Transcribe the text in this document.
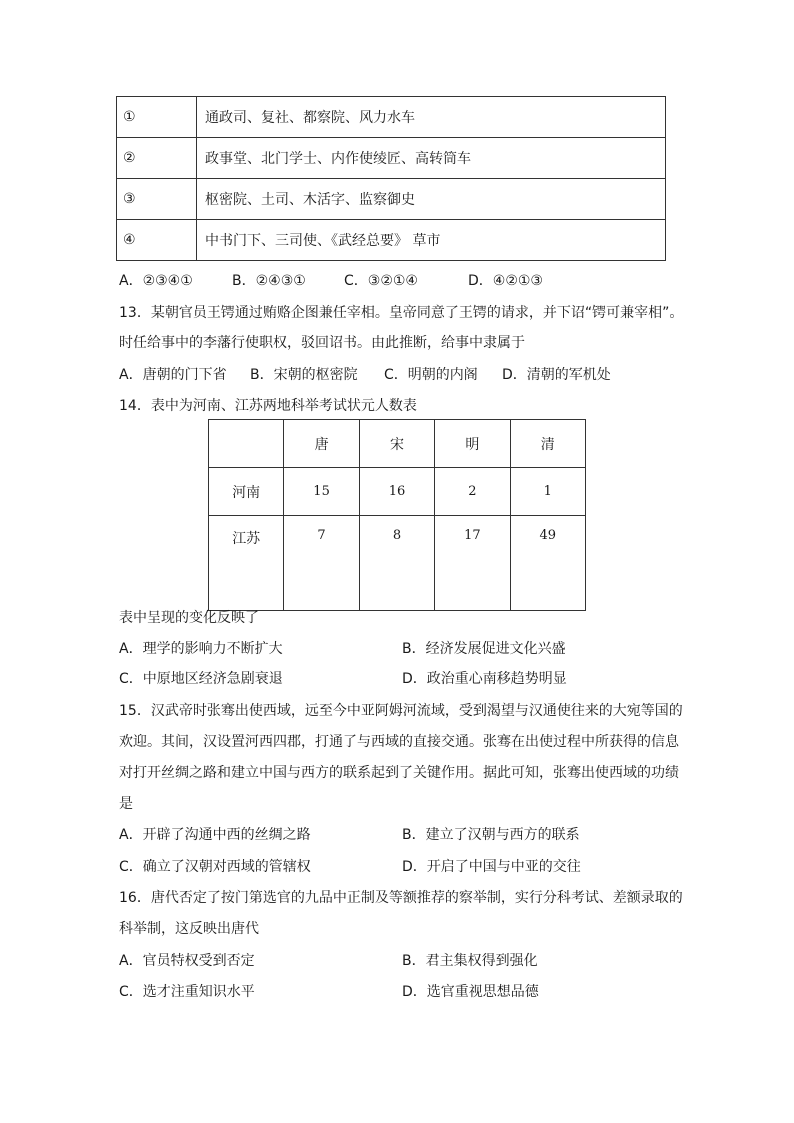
①	通政司、复社、都察院、风力水车
②	政事堂、北门学士、内作使绫匠、高转筒车
③	枢密院、土司、木活字、监察御史
④	中书门下、三司使、《武经总要》 草市
A．②③④①	B．②④③①	C．③②①④	D．④②①③
13．某朝官员王锷通过贿赂企图兼任宰相。皇帝同意了王锷的请求，并下诏“锷可兼宰相”。
时任给事中的李藩行使职权，驳回诏书。由此推断，给事中隶属于
A．唐朝的门下省 B．宋朝的枢密院 C．明朝的内阁 D．清朝的军机处
14．表中为河南、江苏两地科举考试状元人数表
	唐	宋	明	清
河南	15	16	2	1
江苏	7	8	17	49
表中呈现的变化反映了
A．理学的影响力不断扩大	B．经济发展促进文化兴盛
C．中原地区经济急剧衰退	D．政治重心南移趋势明显
15．汉武帝时张骞出使西域，远至今中亚阿姆河流域，受到渴望与汉通使往来的大宛等国的
欢迎。其间，汉设置河西四郡，打通了与西域的直接交通。张骞在出使过程中所获得的信息
对打开丝绸之路和建立中国与西方的联系起到了关键作用。据此可知，张骞出使西域的功绩
是
A．开辟了沟通中西的丝绸之路	B．建立了汉朝与西方的联系
C．确立了汉朝对西域的管辖权	D．开启了中国与中亚的交往
16．唐代否定了按门第选官的九品中正制及等额推荐的察举制，实行分科考试、差额录取的
科举制，这反映出唐代
A．官员特权受到否定	B．君主集权得到强化
C．选才注重知识水平	D．选官重视思想品德
